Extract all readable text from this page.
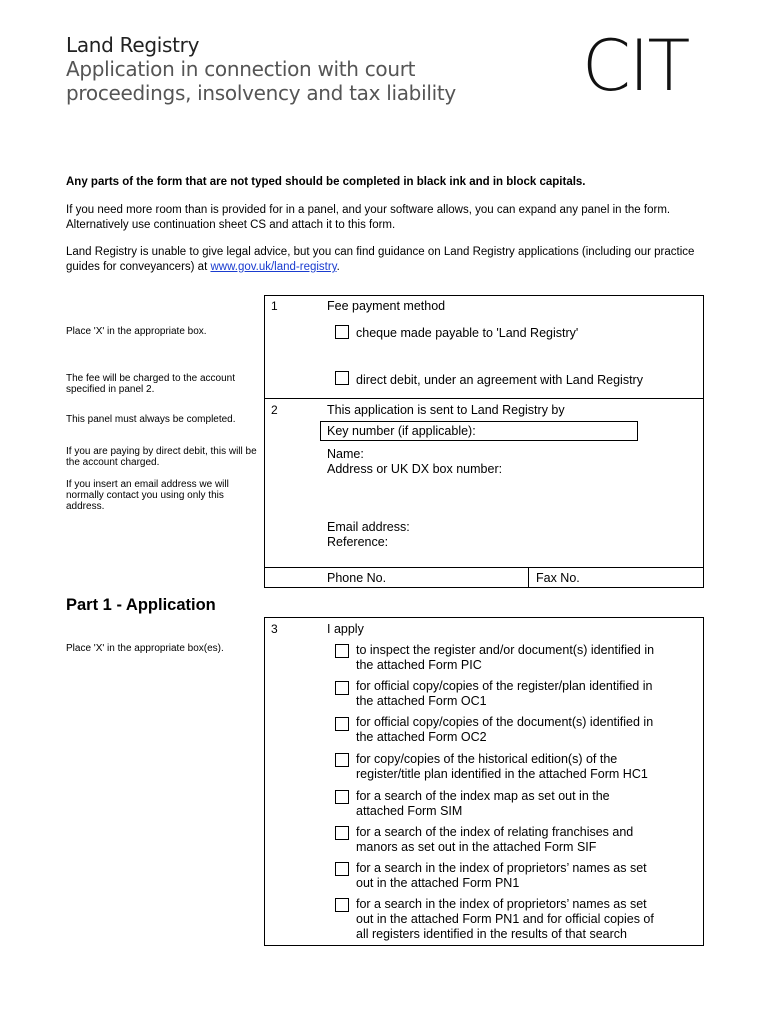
Land Registry
Application in connection with court
proceedings, insolvency and tax liability CIT
Any parts of the form that are not typed should be completed in black ink and in block capitals.
If you need more room than is provided for in a panel, and your software allows, you can expand any panel in the form. Alternatively use continuation sheet CS and attach it to this form.
Land Registry is unable to give legal advice, but you can find guidance on Land Registry applications (including our practice guides for conveyancers) at www.gov.uk/land-registry.
Place 'X' in the appropriate box.
The fee will be charged to the account specified in panel 2.
This panel must always be completed.
If you are paying by direct debit, this will be the account charged.
If you insert an email address we will normally contact you using only this address.
Place 'X' in the appropriate box(es).
1	Fee payment method
cheque made payable to 'Land Registry'
direct debit, under an agreement with Land Registry
2	This application is sent to Land Registry by
Key number (if applicable):
Name:
Address or UK DX box number:
Email address:
Reference:
Phone No.	Fax No.
Part 1 - Application
3	I apply
to inspect the register and/or document(s) identified in
the attached Form PIC
for official copy/copies of the register/plan identified in
the attached Form OC1
for official copy/copies of the document(s) identified in
the attached Form OC2
for copy/copies of the historical edition(s) of the
register/title plan identified in the attached Form HC1
for a search of the index map as set out in the
attached Form SIM
for a search of the index of relating franchises and
manors as set out in the attached Form SIF
for a search in the index of proprietors’ names as set
out in the attached Form PN1
for a search in the index of proprietors’ names as set
out in the attached Form PN1 and for official copies of
all registers identified in the results of that search
